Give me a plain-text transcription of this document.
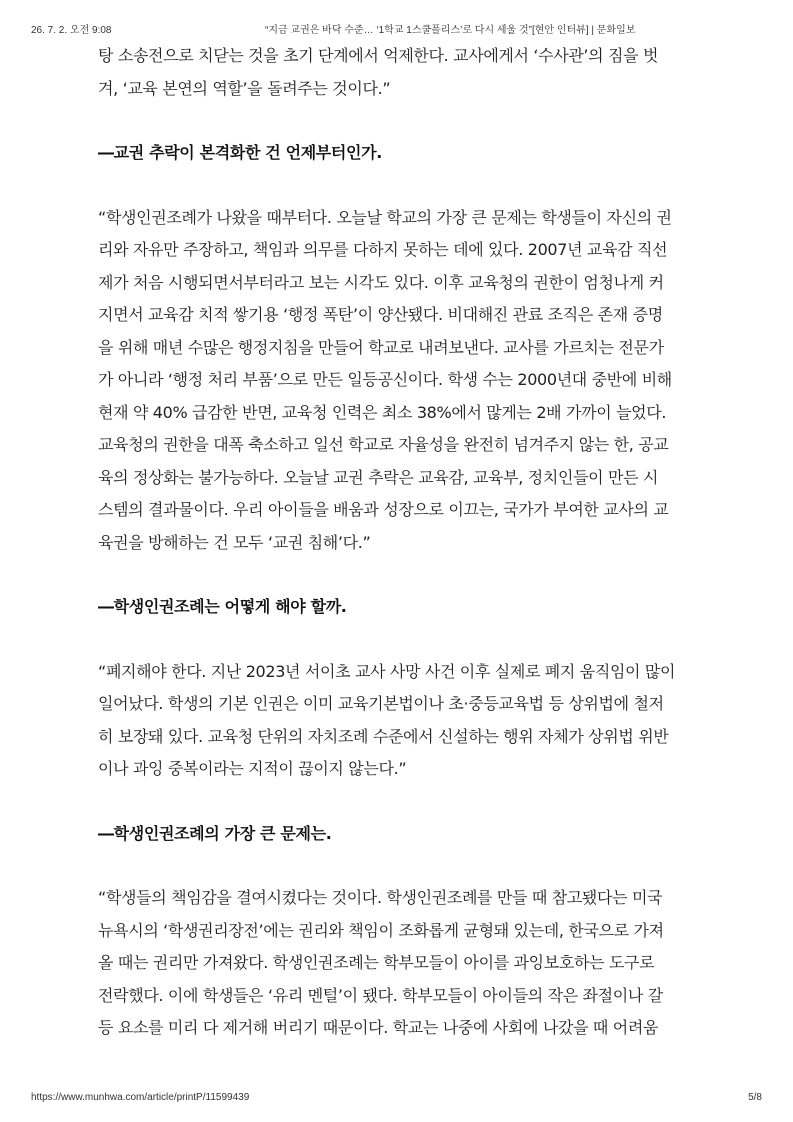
26. 7. 2. 오전 9:08	“지금 교권은 바닥 수준… ‘1학교 1스쿨폴리스’로 다시 세울 것”[현안 인터뷰] | 문화일보
탕 소송전으로 치닫는 것을 초기 단계에서 억제한다. 교사에게서 ‘수사관’의 짐을 벗
겨, ‘교육 본연의 역할’을 돌려주는 것이다.”
―교권 추락이 본격화한 건 언제부터인가.
“학생인권조례가 나왔을 때부터다. 오늘날 학교의 가장 큰 문제는 학생들이 자신의 권
리와 자유만 주장하고, 책임과 의무를 다하지 못하는 데에 있다. 2007년 교육감 직선
제가 처음 시행되면서부터라고 보는 시각도 있다. 이후 교육청의 권한이 엄청나게 커
지면서 교육감 치적 쌓기용 ‘행정 폭탄’이 양산됐다. 비대해진 관료 조직은 존재 증명
을 위해 매년 수많은 행정지침을 만들어 학교로 내려보낸다. 교사를 가르치는 전문가
가 아니라 ‘행정 처리 부품’으로 만든 일등공신이다. 학생 수는 2000년대 중반에 비해
현재 약 40% 급감한 반면, 교육청 인력은 최소 38%에서 많게는 2배 가까이 늘었다.
교육청의 권한을 대폭 축소하고 일선 학교로 자율성을 완전히 넘겨주지 않는 한, 공교
육의 정상화는 불가능하다. 오늘날 교권 추락은 교육감, 교육부, 정치인들이 만든 시
스템의 결과물이다. 우리 아이들을 배움과 성장으로 이끄는, 국가가 부여한 교사의 교
육권을 방해하는 건 모두 ‘교권 침해’다.”
―학생인권조례는 어떻게 해야 할까.
“폐지해야 한다. 지난 2023년 서이초 교사 사망 사건 이후 실제로 폐지 움직임이 많이
일어났다. 학생의 기본 인권은 이미 교육기본법이나 초·중등교육법 등 상위법에 철저
히 보장돼 있다. 교육청 단위의 자치조례 수준에서 신설하는 행위 자체가 상위법 위반
이나 과잉 중복이라는 지적이 끊이지 않는다.”
―학생인권조례의 가장 큰 문제는.
“학생들의 책임감을 결여시켰다는 것이다. 학생인권조례를 만들 때 참고됐다는 미국
뉴욕시의 ‘학생권리장전’에는 권리와 책임이 조화롭게 균형돼 있는데, 한국으로 가져
올 때는 권리만 가져왔다. 학생인권조례는 학부모들이 아이를 과잉보호하는 도구로
전락했다. 이에 학생들은 ‘유리 멘털’이 됐다. 학부모들이 아이들의 작은 좌절이나 갈
등 요소를 미리 다 제거해 버리기 때문이다. 학교는 나중에 사회에 나갔을 때 어려움
https://www.munhwa.com/article/printP/11599439	5/8
